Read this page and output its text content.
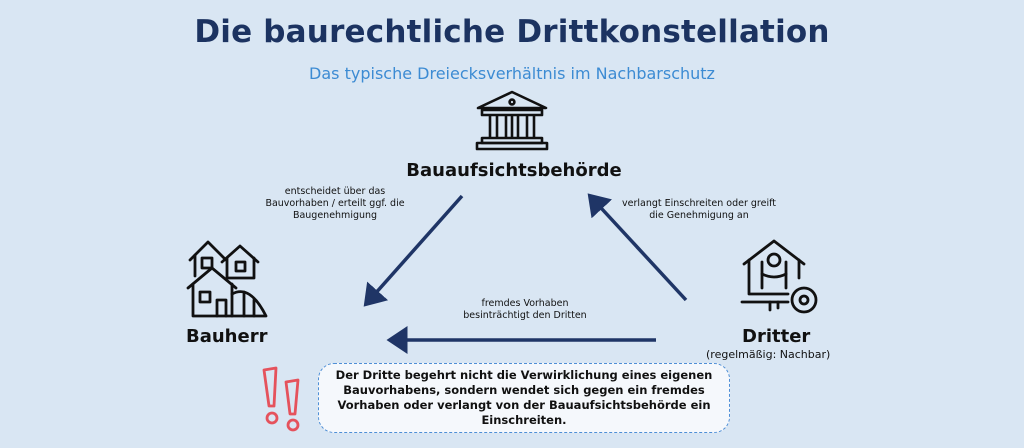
Die baurechtliche Drittkonstellation
Das typische Dreiecksverhältnis im Nachbarschutz
Bauaufsichtsbehörde
Bauherr	Dritter
(regelmäßig: Nachbar)
entscheidet über das Bauvorhaben / erteilt ggf. die Baugenehmigung
verlangt Einschreiten oder greift die Genehmigung an
fremdes Vorhaben besinträchtigt den Dritten
Der Dritte begehrt nicht die Verwirklichung eines eigenen Bauvorhabens, sondern wendet sich gegen ein fremdes Vorhaben oder verlangt von der Bauaufsichtsbehörde ein Einschreiten.
